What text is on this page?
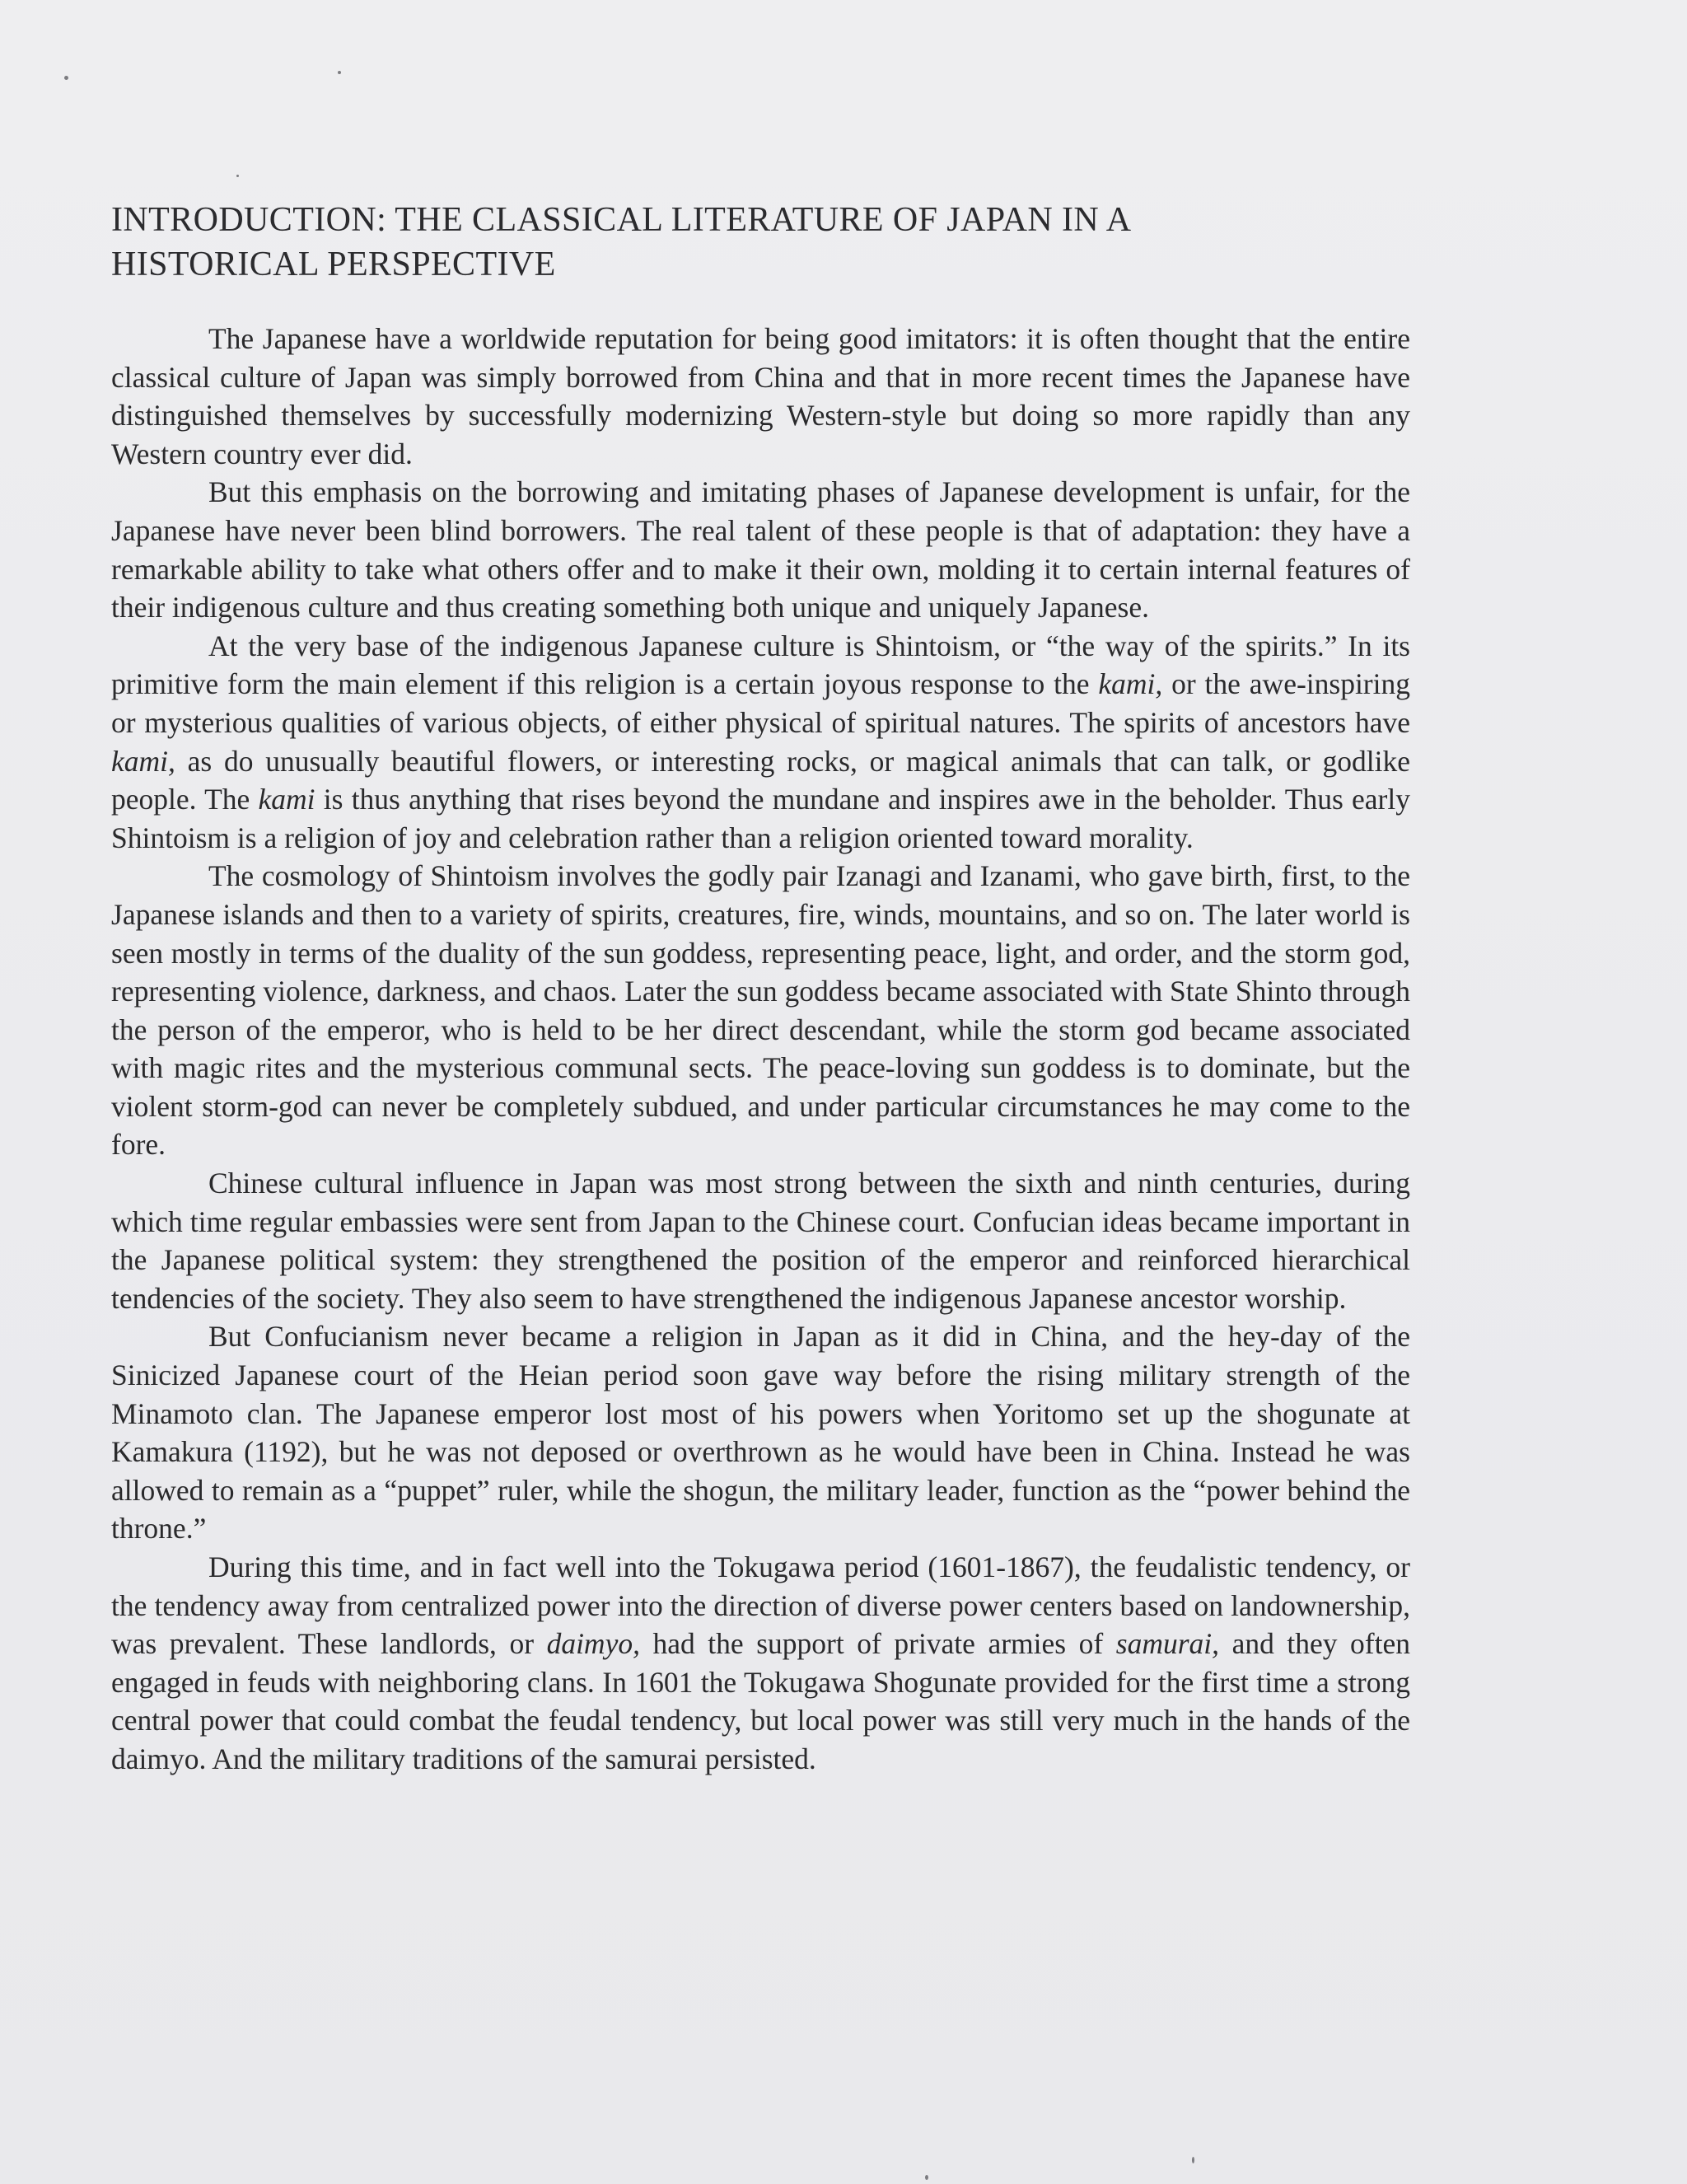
INTRODUCTION: THE CLASSICAL LITERATURE OF JAPAN IN A
HISTORICAL PERSPECTIVE

The Japanese have a worldwide reputation for being good imitators: it is often thought that the entire classical culture of Japan was simply borrowed from China and that in more recent times the Japanese have distinguished themselves by successfully modernizing Western-style but doing so more rapidly than any Western country ever did.

But this emphasis on the borrowing and imitating phases of Japanese development is unfair, for the Japanese have never been blind borrowers. The real talent of these people is that of adaptation: they have a remarkable ability to take what others offer and to make it their own, molding it to certain internal features of their indigenous culture and thus creating something both unique and uniquely Japanese.

At the very base of the indigenous Japanese culture is Shintoism, or “the way of the spirits.” In its primitive form the main element if this religion is a certain joyous response to the kami, or the awe-inspiring or mysterious qualities of various objects, of either physical of spiritual natures. The spirits of ancestors have kami, as do unusually beautiful flowers, or interesting rocks, or magical animals that can talk, or godlike people. The kami is thus anything that rises beyond the mundane and inspires awe in the beholder. Thus early Shintoism is a religion of joy and celebration rather than a religion oriented toward morality.

The cosmology of Shintoism involves the godly pair Izanagi and Izanami, who gave birth, first, to the Japanese islands and then to a variety of spirits, creatures, fire, winds, mountains, and so on. The later world is seen mostly in terms of the duality of the sun goddess, representing peace, light, and order, and the storm god, representing violence, darkness, and chaos. Later the sun goddess became associated with State Shinto through the person of the emperor, who is held to be her direct descendant, while the storm god became associated with magic rites and the mysterious communal sects. The peace-loving sun goddess is to dominate, but the violent storm-god can never be completely subdued, and under particular circumstances he may come to the fore.

Chinese cultural influence in Japan was most strong between the sixth and ninth centuries, during which time regular embassies were sent from Japan to the Chinese court. Confucian ideas became important in the Japanese political system: they strengthened the position of the emperor and reinforced hierarchical tendencies of the society. They also seem to have strengthened the indigenous Japanese ancestor worship.

But Confucianism never became a religion in Japan as it did in China, and the hey-day of the Sinicized Japanese court of the Heian period soon gave way before the rising military strength of the Minamoto clan. The Japanese emperor lost most of his powers when Yoritomo set up the shogunate at Kamakura (1192), but he was not deposed or overthrown as he would have been in China. Instead he was allowed to remain as a “puppet” ruler, while the shogun, the military leader, function as the “power behind the throne.”

During this time, and in fact well into the Tokugawa period (1601-1867), the feudalistic tendency, or the tendency away from centralized power into the direction of diverse power centers based on landownership, was prevalent. These landlords, or daimyo, had the support of private armies of samurai, and they often engaged in feuds with neighboring clans. In 1601 the Tokugawa Shogunate provided for the first time a strong central power that could combat the feudal tendency, but local power was still very much in the hands of the daimyo. And the military traditions of the samurai persisted.
